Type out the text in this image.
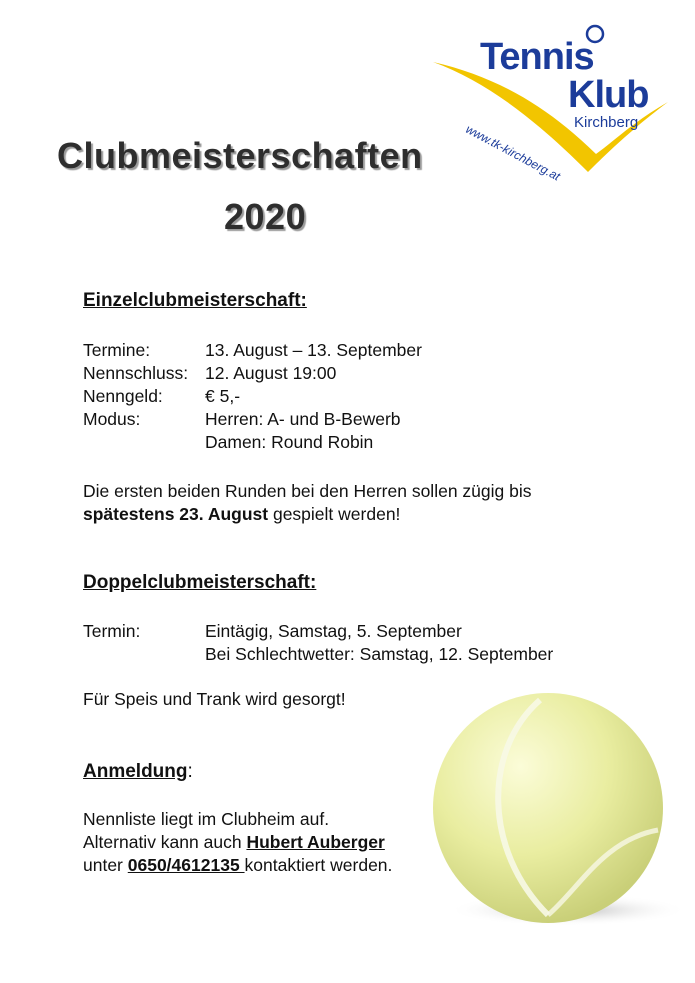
Tennis
Klub
Kirchberg
www.tk-kirchberg.at
Clubmeisterschaften
2020
Einzelclubmeisterschaft:
Termine:	13. August – 13. September
Nennschluss: 12. August 19:00
Nenngeld: € 5,-
Modus:	Herren: A- und B-Bewerb
Damen: Round Robin
Die ersten beiden Runden bei den Herren sollen zügig bis
spätestens 23. August gespielt werden!
Doppelclubmeisterschaft:
Termin:	Eintägig, Samstag, 5. September
Bei Schlechtwetter: Samstag, 12. September
Für Speis und Trank wird gesorgt!
Anmeldung:
Nennliste liegt im Clubheim auf.
Alternativ kann auch Hubert Auberger
unter 0650/4612135 kontaktiert werden.
